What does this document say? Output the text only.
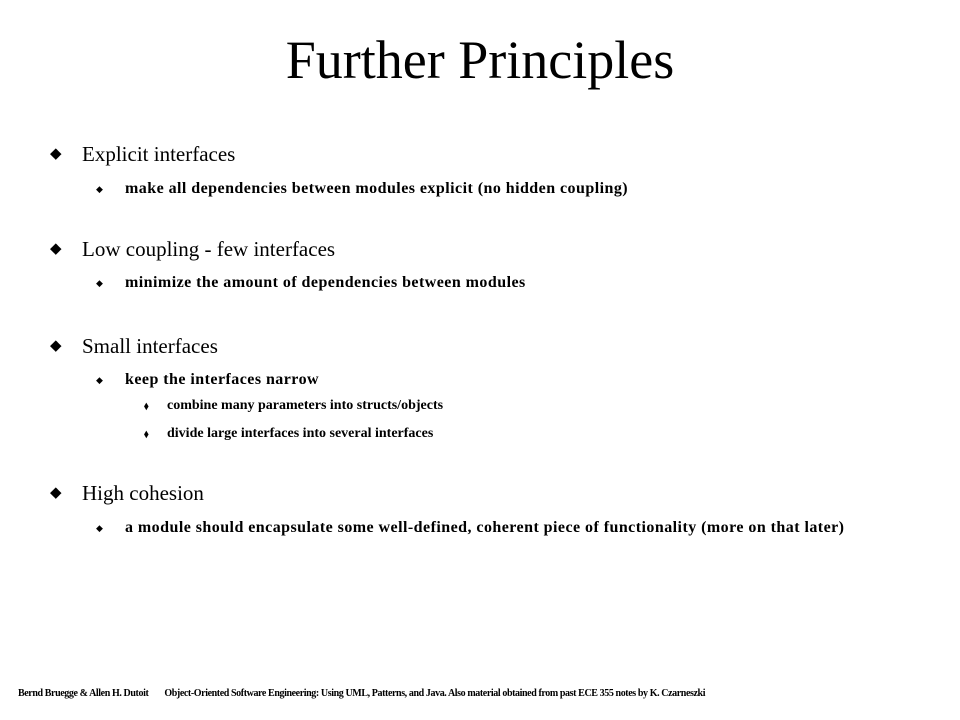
Further Principles
◆ Explicit interfaces
◆	make all dependencies between modules explicit (no hidden coupling)
◆ Low coupling - few interfaces
◆	minimize the amount of dependencies between modules
◆ Small interfaces
◆	keep the interfaces narrow
◆	combine many parameters into structs/objects
◆	divide large interfaces into several interfaces
◆ High cohesion
◆	a module should encapsulate some well-defined, coherent piece of functionality (more on that later)
Bernd Bruegge & Allen H. Dutoit Object-Oriented Software Engineering: Using UML, Patterns, and Java. Also material obtained from past ECE 355 notes by K. Czarneszki
